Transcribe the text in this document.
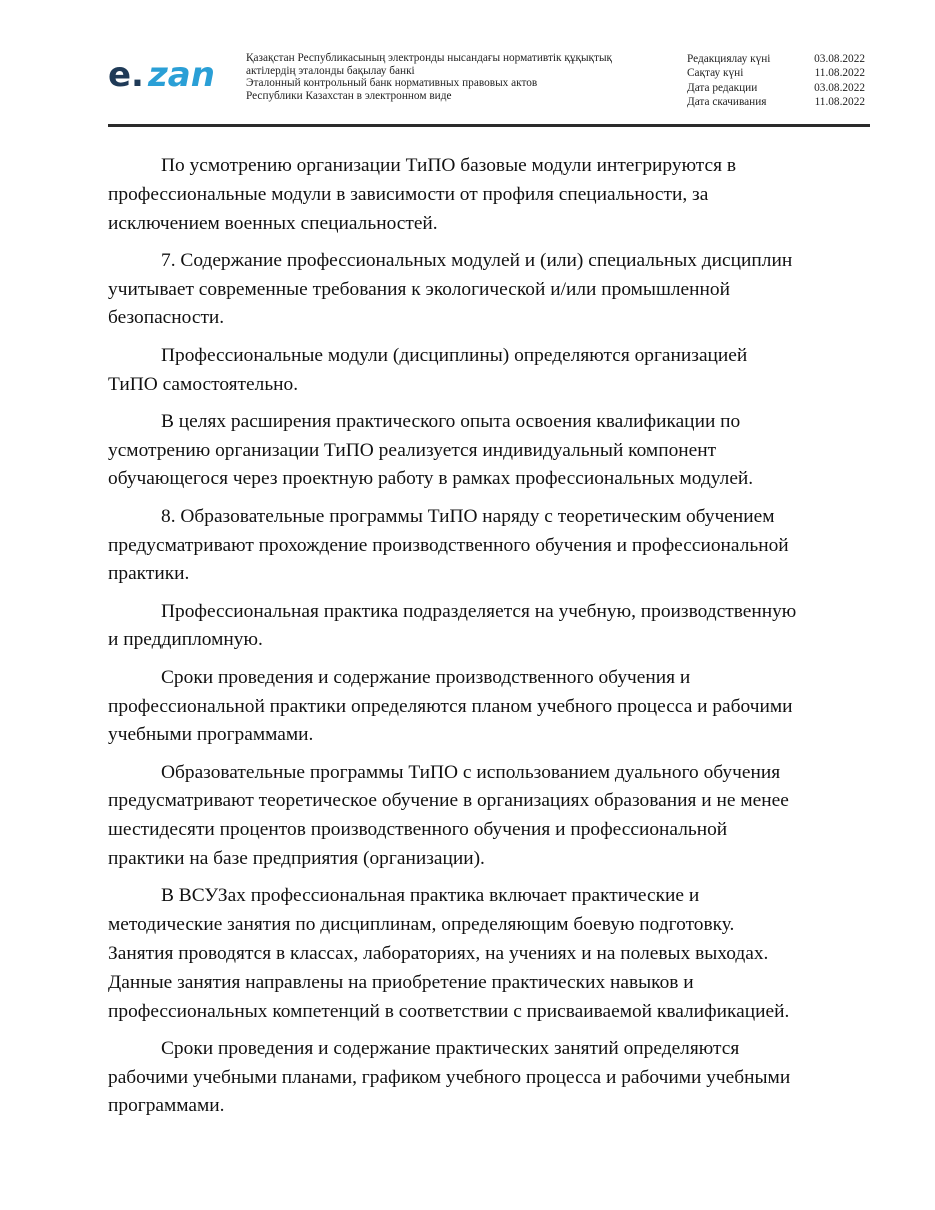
e. zan	Қазақстан Республикасының электронды нысандағы нормативтік құқықтық
актілердің эталонды бақылау банкі
Эталонный контрольный банк нормативных правовых актов
Республики Казахстан в электронном виде
Редакциялау күні	03.08.2022
Сақтау күні	11.08.2022
Дата редакции	03.08.2022
Дата скачивания	11.08.2022

По усмотрению организации ТиПО базовые модули интегрируются в
профессиональные модули в зависимости от профиля специальности, за
исключением военных специальностей.

7. Содержание профессиональных модулей и (или) специальных дисциплин
учитывает современные требования к экологической и/или промышленной
безопасности.

Профессиональные модули (дисциплины) определяются организацией
ТиПО самостоятельно.

В целях расширения практического опыта освоения квалификации по
усмотрению организации ТиПО реализуется индивидуальный компонент
обучающегося через проектную работу в рамках профессиональных модулей.

8. Образовательные программы ТиПО наряду с теоретическим обучением
предусматривают прохождение производственного обучения и профессиональной
практики.

Профессиональная практика подразделяется на учебную, производственную
и преддипломную.

Сроки проведения и содержание производственного обучения и
профессиональной практики определяются планом учебного процесса и рабочими
учебными программами.

Образовательные программы ТиПО с использованием дуального обучения
предусматривают теоретическое обучение в организациях образования и не менее
шестидесяти процентов производственного обучения и профессиональной
практики на базе предприятия (организации).

В ВСУЗах профессиональная практика включает практические и
методические занятия по дисциплинам, определяющим боевую подготовку.
Занятия проводятся в классах, лабораториях, на учениях и на полевых выходах.
Данные занятия направлены на приобретение практических навыков и
профессиональных компетенций в соответствии с присваиваемой квалификацией.

Сроки проведения и содержание практических занятий определяются
рабочими учебными планами, графиком учебного процесса и рабочими учебными
программами.
